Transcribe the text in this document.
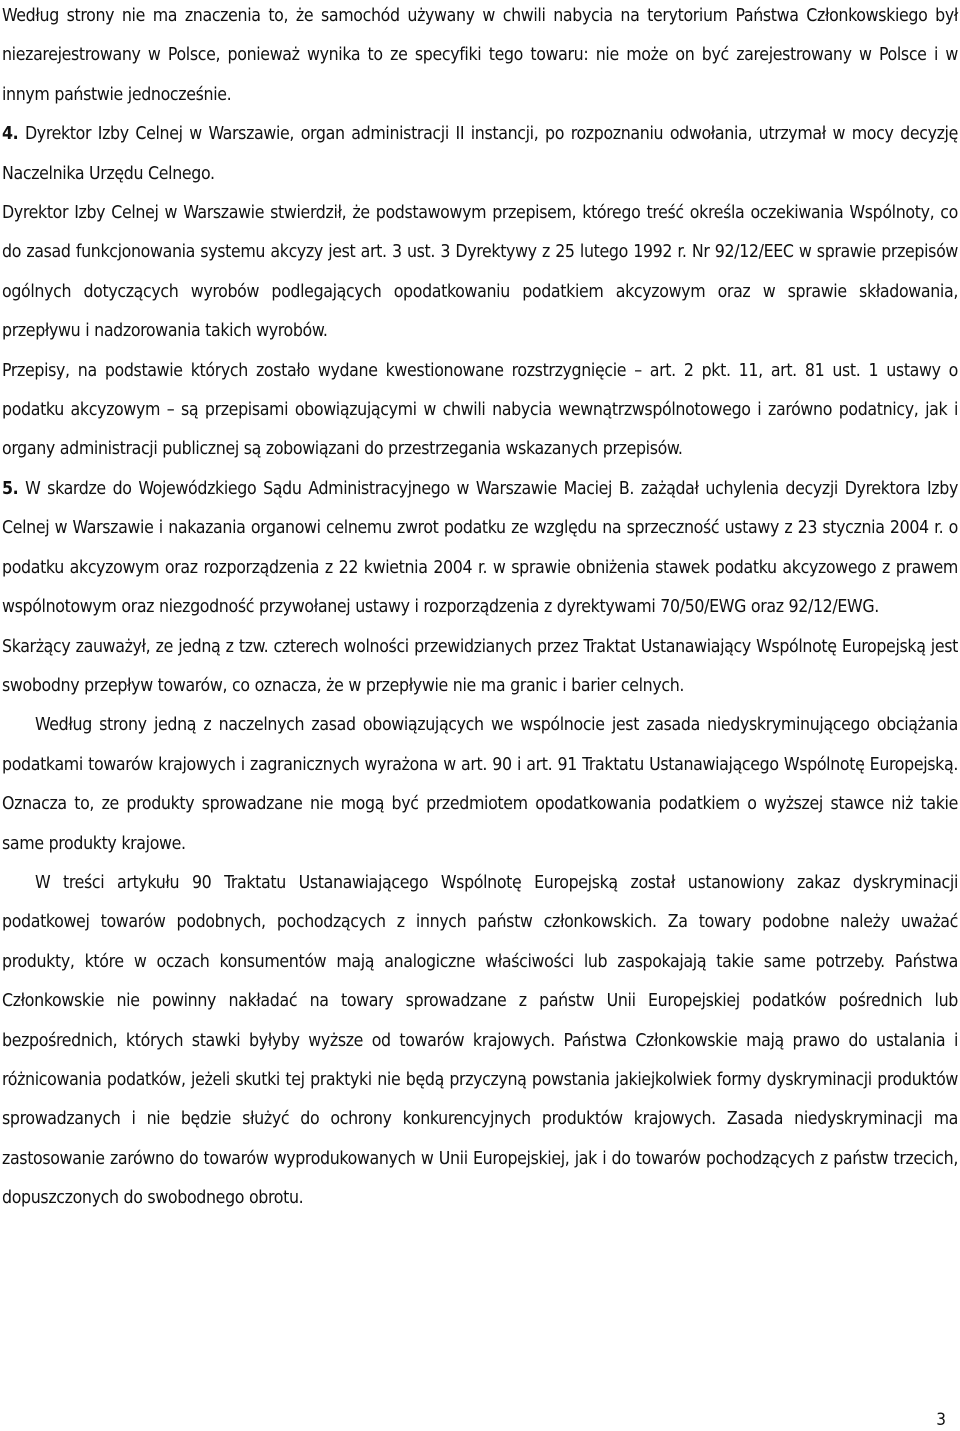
Według strony nie ma znaczenia to, że samochód używany w chwili nabycia na terytorium Państwa Członkowskiego był niezarejestrowany w Polsce, ponieważ wynika to ze specyfiki tego towaru: nie może on być zarejestrowany w Polsce i w innym państwie jednocześnie.

4. Dyrektor Izby Celnej w Warszawie, organ administracji II instancji, po rozpoznaniu odwołania, utrzymał w mocy decyzję Naczelnika Urzędu Celnego.

Dyrektor Izby Celnej w Warszawie stwierdził, że podstawowym przepisem, którego treść określa oczekiwania Wspólnoty, co do zasad funkcjonowania systemu akcyzy jest art. 3 ust. 3 Dyrektywy z 25 lutego 1992 r. Nr 92/12/EEC w sprawie przepisów ogólnych dotyczących wyrobów podlegających opodatkowaniu podatkiem akcyzowym oraz w sprawie składowania, przepływu i nadzorowania takich wyrobów.

Przepisy, na podstawie których zostało wydane kwestionowane rozstrzygnięcie – art. 2 pkt. 11, art. 81 ust. 1 ustawy o podatku akcyzowym – są przepisami obowiązującymi w chwili nabycia wewnątrzwspólnotowego i zarówno podatnicy, jak i organy administracji publicznej są zobowiązani do przestrzegania wskazanych przepisów.

5. W skardze do Wojewódzkiego Sądu Administracyjnego w Warszawie Maciej B. zażądał uchylenia decyzji Dyrektora Izby Celnej w Warszawie i nakazania organowi celnemu zwrot podatku ze względu na sprzeczność ustawy z 23 stycznia 2004 r. o podatku akcyzowym oraz rozporządzenia z 22 kwietnia 2004 r. w sprawie obniżenia stawek podatku akcyzowego z prawem wspólnotowym oraz niezgodność przywołanej ustawy i rozporządzenia z dyrektywami 70/50/EWG oraz 92/12/EWG.

Skarżący zauważył, ze jedną z tzw. czterech wolności przewidzianych przez Traktat Ustanawiający Wspólnotę Europejską jest swobodny przepływ towarów, co oznacza, że w przepływie nie ma granic i barier celnych.

Według strony jedną z naczelnych zasad obowiązujących we wspólnocie jest zasada niedyskryminującego obciążania podatkami towarów krajowych i zagranicznych wyrażona w art. 90 i art. 91 Traktatu Ustanawiającego Wspólnotę Europejską. Oznacza to, ze produkty sprowadzane nie mogą być przedmiotem opodatkowania podatkiem o wyższej stawce niż takie same produkty krajowe.

W treści artykułu 90 Traktatu Ustanawiającego Wspólnotę Europejską został ustanowiony zakaz dyskryminacji podatkowej towarów podobnych, pochodzących z innych państw członkowskich. Za towary podobne należy uważać produkty, które w oczach konsumentów mają analogiczne właściwości lub zaspokajają takie same potrzeby. Państwa Członkowskie nie powinny nakładać na towary sprowadzane z państw Unii Europejskiej podatków pośrednich lub bezpośrednich, których stawki byłyby wyższe od towarów krajowych. Państwa Członkowskie mają prawo do ustalania i różnicowania podatków, jeżeli skutki tej praktyki nie będą przyczyną powstania jakiejkolwiek formy dyskryminacji produktów sprowadzanych i nie będzie służyć do ochrony konkurencyjnych produktów krajowych. Zasada niedyskryminacji ma zastosowanie zarówno do towarów wyprodukowanych w Unii Europejskiej, jak i do towarów pochodzących z państw trzecich, dopuszczonych do swobodnego obrotu.

3
